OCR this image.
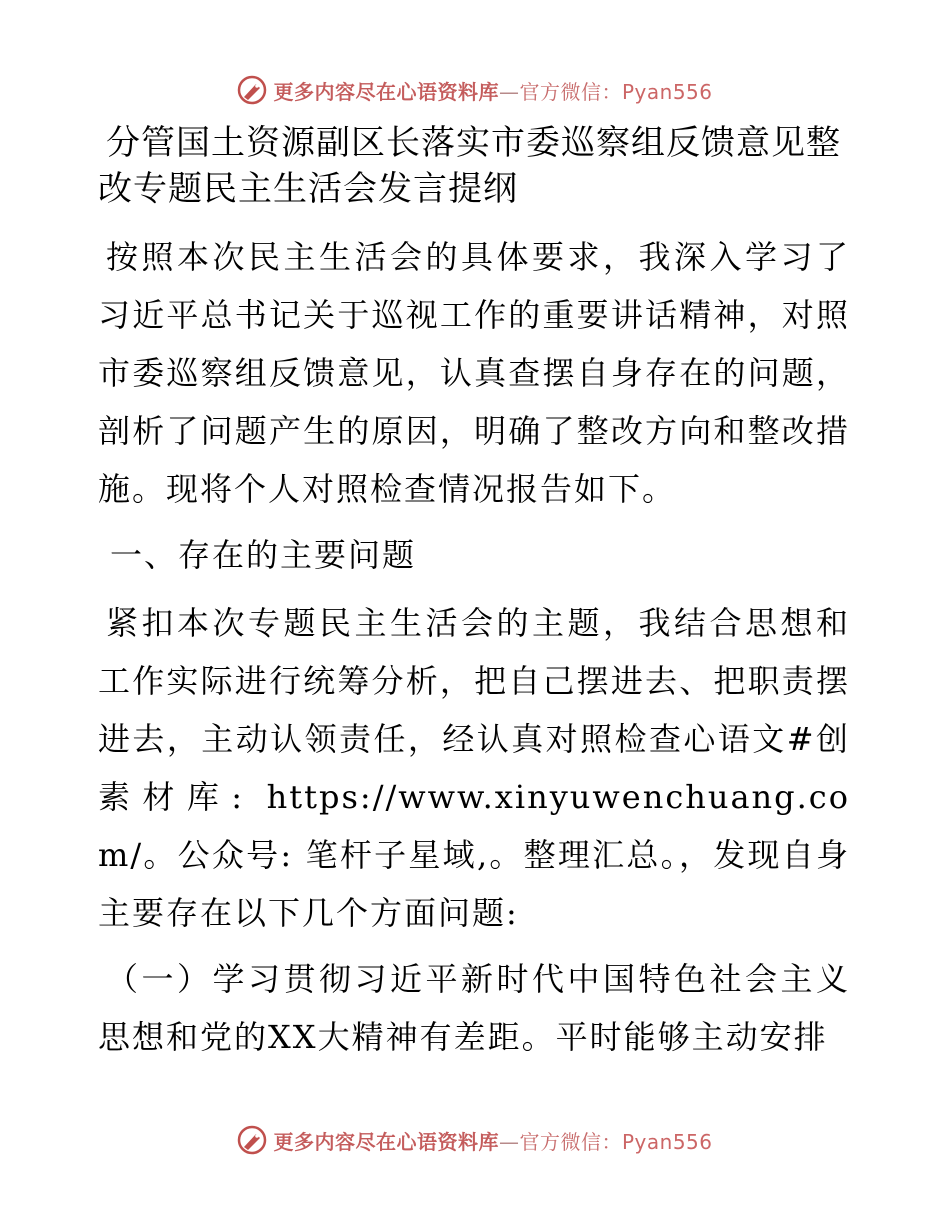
更多内容尽在心语资料库—官方微信：Pyan556
分管国土资源副区长落实市委巡察组反馈意见整改专题民主生活会发言提纲

按照本次民主生活会的具体要求，我深入学习了习近平总书记关于巡视工作的重要讲话精神，对照市委巡察组反馈意见，认真查摆自身存在的问题，剖析了问题产生的原因，明确了整改方向和整改措施。现将个人对照检查情况报告如下。

一、存在的主要问题

紧扣本次专题民主生活会的主题，我结合思想和工作实际进行统筹分析，把自己摆进去、把职责摆进去，主动认领责任，经认真对照检查心语文#创素材库: https://www.xinyuwenchuang.com/。公众号: 笔杆子星域,。整理汇总。，发现自身主要存在以下几个方面问题:

（一）学习贯彻习近平新时代中国特色社会主义思想和党的XX大精神有差距。平时能够主动安排

更多内容尽在心语资料库—官方微信：Pyan556
